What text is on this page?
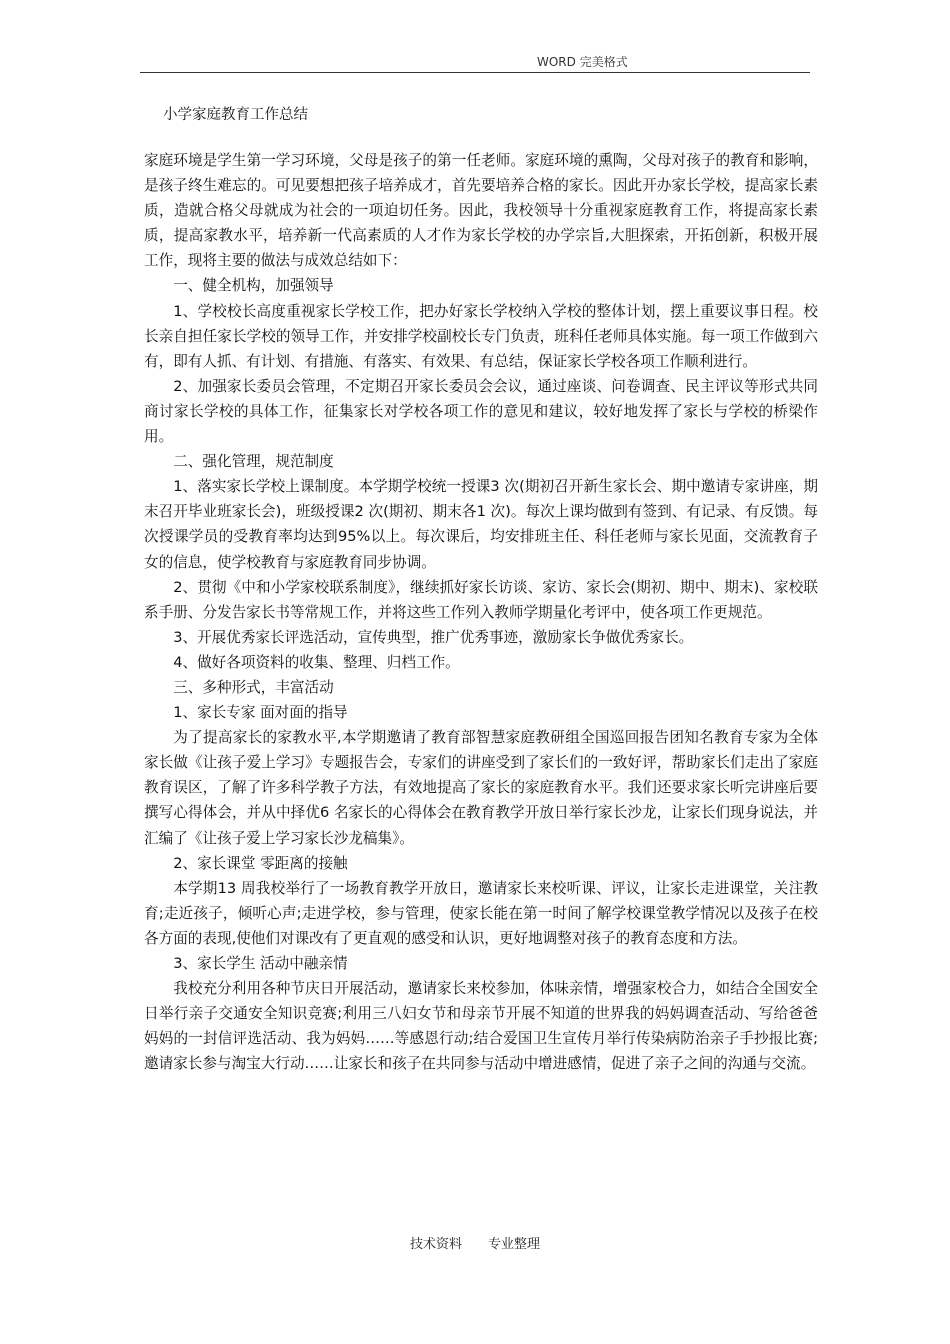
WORD 完美格式
小学家庭教育工作总结

家庭环境是学生第一学习环境，父母是孩子的第一任老师。家庭环境的熏陶，父母对孩子的教育和影响，是孩子终生难忘的。可见要想把孩子培养成才，首先要培养合格的家长。因此开办家长学校，提高家长素质，造就合格父母就成为社会的一项迫切任务。因此，我校领导十分重视家庭教育工作，将提高家长素质，提高家教水平，培养新一代高素质的人才作为家长学校的办学宗旨,大胆探索，开拓创新，积极开展工作，现将主要的做法与成效总结如下：

一、健全机构，加强领导

1、学校校长高度重视家长学校工作，把办好家长学校纳入学校的整体计划，摆上重要议事日程。校长亲自担任家长学校的领导工作，并安排学校副校长专门负责，班科任老师具体实施。每一项工作做到六有，即有人抓、有计划、有措施、有落实、有效果、有总结，保证家长学校各项工作顺利进行。

2、加强家长委员会管理，不定期召开家长委员会会议，通过座谈、问卷调查、民主评议等形式共同商讨家长学校的具体工作，征集家长对学校各项工作的意见和建议，较好地发挥了家长与学校的桥梁作用。

二、强化管理，规范制度

1、落实家长学校上课制度。本学期学校统一授课3 次(期初召开新生家长会、期中邀请专家讲座，期末召开毕业班家长会)，班级授课2 次(期初、期末各1 次)。每次上课均做到有签到、有记录、有反馈。每次授课学员的受教育率均达到95%以上。每次课后，均安排班主任、科任老师与家长见面，交流教育子女的信息，使学校教育与家庭教育同步协调。

2、贯彻《中和小学家校联系制度》，继续抓好家长访谈、家访、家长会(期初、期中、期末)、家校联系手册、分发告家长书等常规工作，并将这些工作列入教师学期量化考评中，使各项工作更规范。

3、开展优秀家长评选活动，宣传典型，推广优秀事迹，激励家长争做优秀家长。

4、做好各项资料的收集、整理、归档工作。

三、多种形式，丰富活动

1、家长专家 面对面的指导

为了提高家长的家教水平,本学期邀请了教育部智慧家庭教研组全国巡回报告团知名教育专家为全体家长做《让孩子爱上学习》专题报告会，专家们的讲座受到了家长们的一致好评，帮助家长们走出了家庭教育误区，了解了许多科学教子方法，有效地提高了家长的家庭教育水平。我们还要求家长听完讲座后要撰写心得体会，并从中择优6 名家长的心得体会在教育教学开放日举行家长沙龙，让家长们现身说法，并汇编了《让孩子爱上学习家长沙龙稿集》。

2、家长课堂 零距离的接触

本学期13 周我校举行了一场教育教学开放日，邀请家长来校听课、评议，让家长走进课堂，关注教育;走近孩子，倾听心声;走进学校，参与管理，使家长能在第一时间了解学校课堂教学情况以及孩子在校各方面的表现,使他们对课改有了更直观的感受和认识，更好地调整对孩子的教育态度和方法。

3、家长学生 活动中融亲情

我校充分利用各种节庆日开展活动，邀请家长来校参加，体味亲情，增强家校合力，如结合全国安全日举行亲子交通安全知识竞赛;利用三八妇女节和母亲节开展不知道的世界我的妈妈调查活动、写给爸爸妈妈的一封信评选活动、我为妈妈……等感恩行动;结合爱国卫生宣传月举行传染病防治亲子手抄报比赛;邀请家长参与淘宝大行动……让家长和孩子在共同参与活动中增进感情，促进了亲子之间的沟通与交流。

技术资料 专业整理
